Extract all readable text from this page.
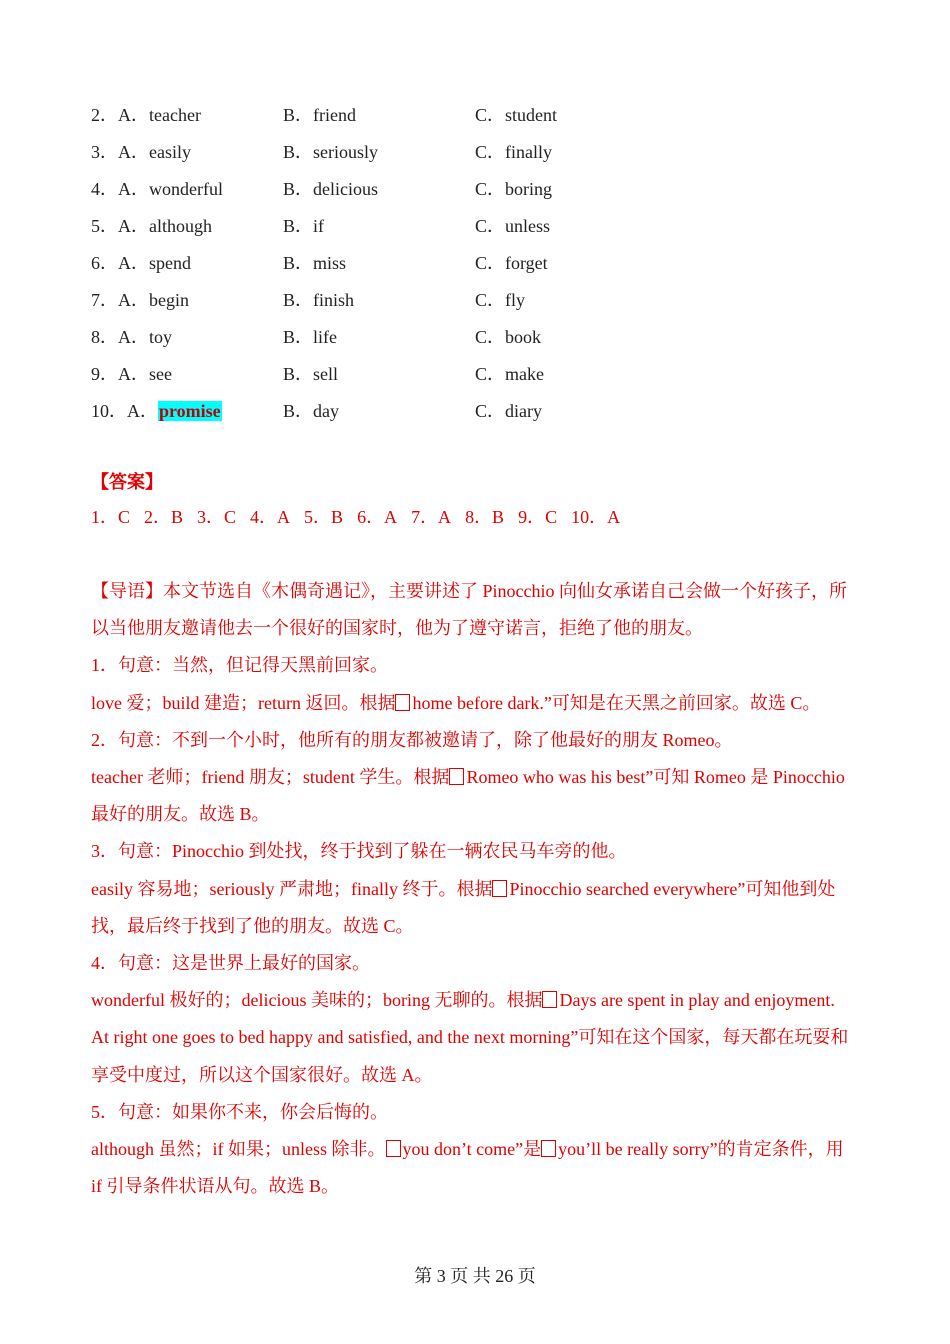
2．A．teacher	B．friend	C．student
3．A．easily	B．seriously	C．finally
4．A．wonderful	B．delicious	C．boring
5．A．although	B．if	C．unless
6．A．spend	B．miss	C．forget
7．A．begin	B．finish	C．fly
8．A．toy	B．life	C．book
9．A．see	B．sell	C．make
10．A．promise	B．day	C．diary
【答案】
1．C 2．B 3．C 4．A 5．B 6．A 7．A 8．B 9．C 10．A

【导语】本文节选自《木偶奇遇记》，主要讲述了 Pinocchio 向仙女承诺自己会做一个好孩子，所以当他朋友邀请他去一个很好的国家时，他为了遵守诺言，拒绝了他的朋友。

1．句意：当然，但记得天黑前回家。

love 爱；build 建造；return 返回。根据 home before dark.”可知是在天黑之前回家。故选 C。

2．句意：不到一个小时，他所有的朋友都被邀请了，除了他最好的朋友 Romeo。

teacher 老师；friend 朋友；student 学生。根据 Romeo who was his best”可知 Romeo 是 Pinocchio 最好的朋友。故选 B。

3．句意：Pinocchio 到处找，终于找到了躲在一辆农民马车旁的他。

easily 容易地；seriously 严肃地；finally 终于。根据 Pinocchio searched everywhere”可知他到处找，最后终于找到了他的朋友。故选 C。

4．句意：这是世界上最好的国家。

wonderful 极好的；delicious 美味的；boring 无聊的。根据 Days are spent in play and enjoyment. At right one goes to bed happy and satisfied, and the next morning”可知在这个国家，每天都在玩耍和享受中度过，所以这个国家很好。故选 A。

5．句意：如果你不来，你会后悔的。

although 虽然；if 如果；unless 除非。 you don’t come”是 you’ll be really sorry”的肯定条件，用 if 引导条件状语从句。故选 B。

第 3 页 共 26 页
